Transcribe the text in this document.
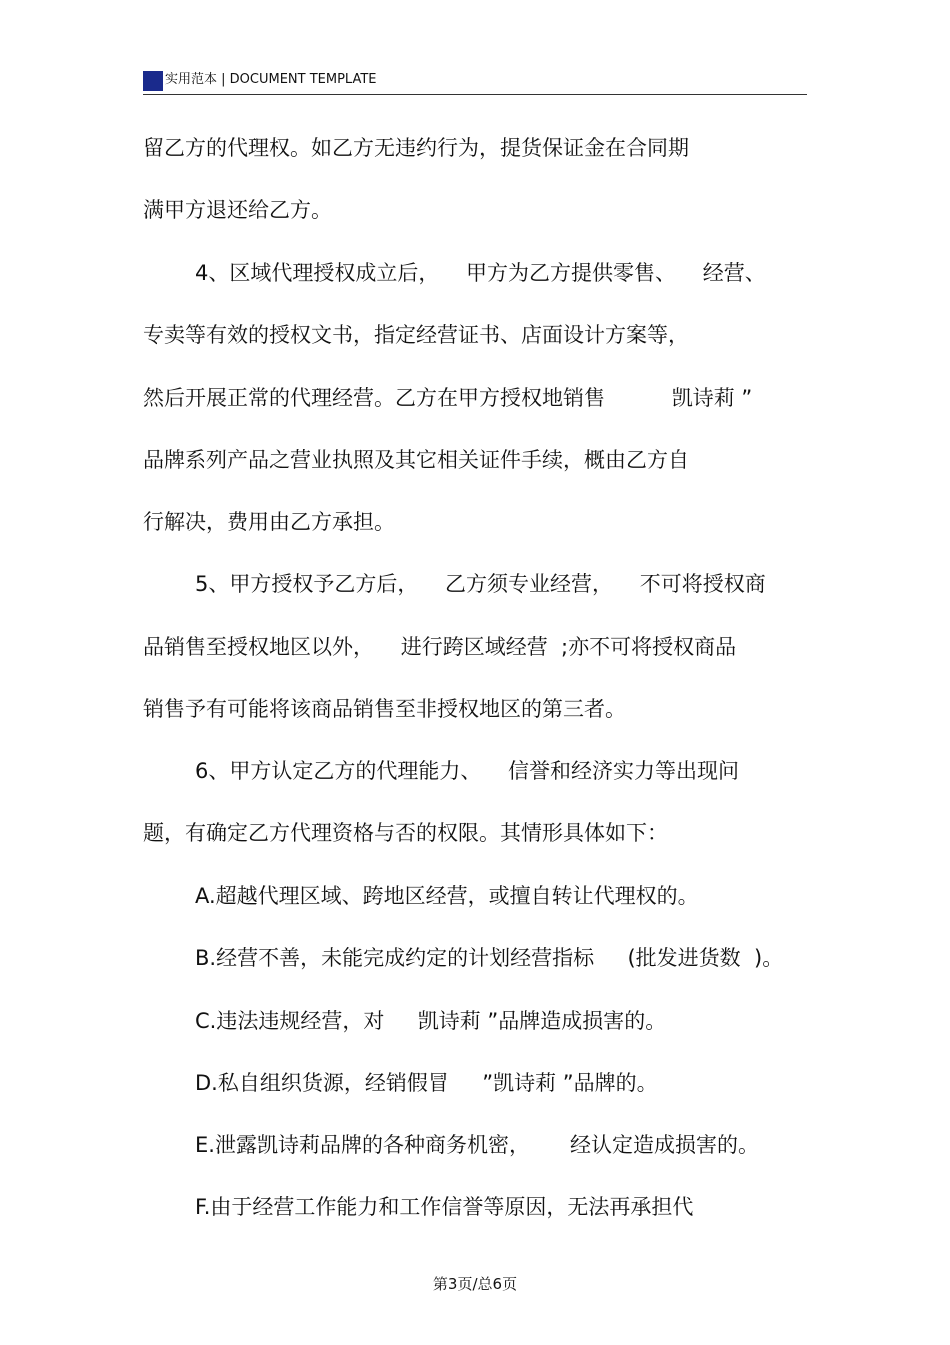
实用范本 | DOCUMENT TEMPLATE
留乙方的代理权。如乙方无违约行为，提货保证金在合同期
满甲方退还给乙方。
4、区域代理授权成立后，    甲方为乙方提供零售、    经营、
专卖等有效的授权文书，指定经营证书、店面设计方案等，
然后开展正常的代理经营。乙方在甲方授权地销售          凯诗莉 ”
品牌系列产品之营业执照及其它相关证件手续，概由乙方自
行解决，费用由乙方承担。
5、甲方授权予乙方后，    乙方须专业经营，    不可将授权商
品销售至授权地区以外，    进行跨区域经营  ;亦不可将授权商品
销售予有可能将该商品销售至非授权地区的第三者。
6、甲方认定乙方的代理能力、    信誉和经济实力等出现问
题，有确定乙方代理资格与否的权限。其情形具体如下：
A.超越代理区域、跨地区经营，或擅自转让代理权的。
B.经营不善，未能完成约定的计划经营指标     (批发进货数  )。
C.违法违规经营，对     凯诗莉 ”品牌造成损害的。
D.私自组织货源，经销假冒     ”凯诗莉 ”品牌的。
E.泄露凯诗莉品牌的各种商务机密，      经认定造成损害的。
F.由于经营工作能力和工作信誉等原因，无法再承担代
第3页/总6页
